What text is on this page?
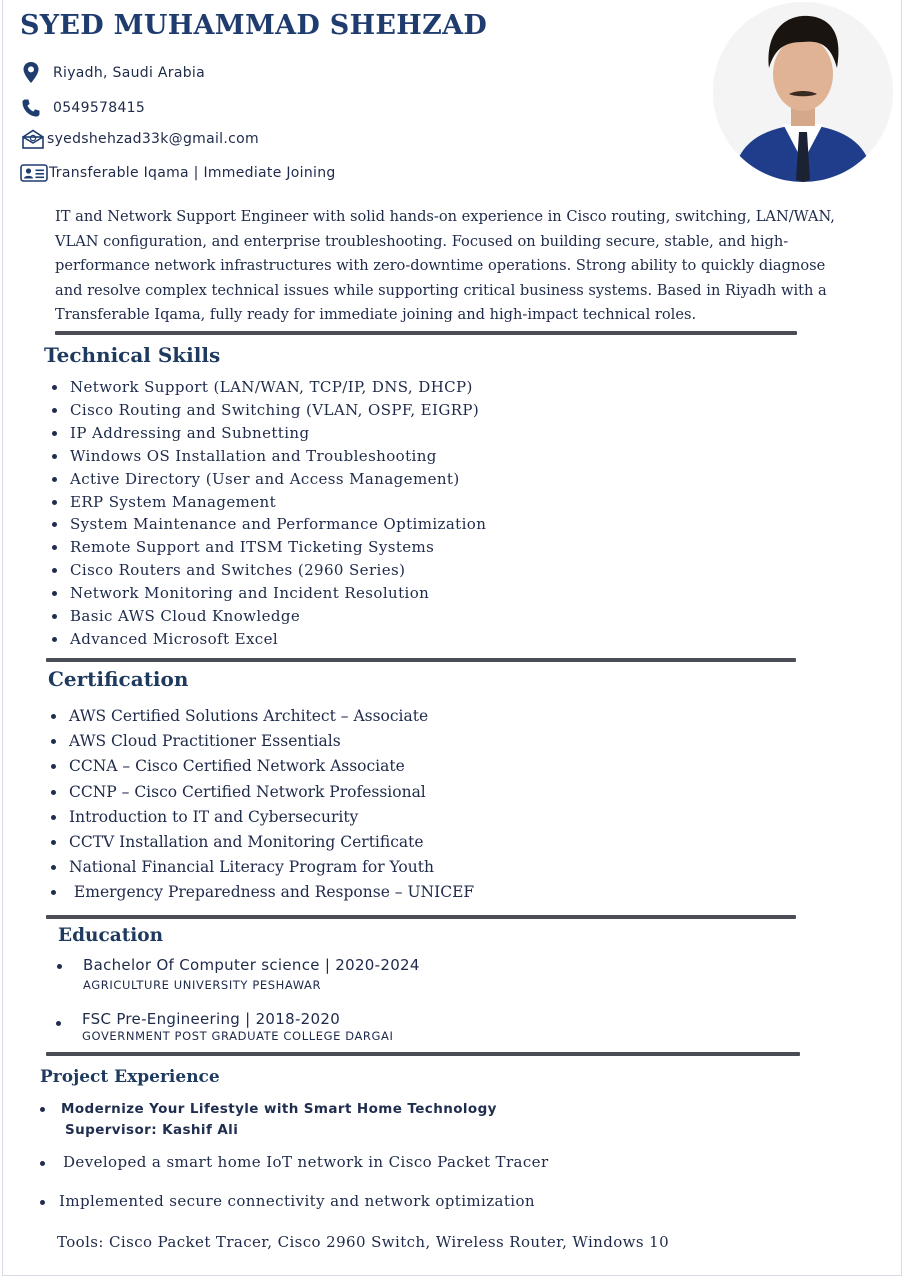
SYED MUHAMMAD SHEHZAD
Riyadh, Saudi Arabia
0549578415
syedshehzad33k@gmail.com
Transferable Iqama | Immediate Joining

IT and Network Support Engineer with solid hands-on experience in Cisco routing, switching, LAN/WAN, VLAN configuration, and enterprise troubleshooting. Focused on building secure, stable, and high-performance network infrastructures with zero-downtime operations. Strong ability to quickly diagnose and resolve complex technical issues while supporting critical business systems. Based in Riyadh with a Transferable Iqama, fully ready for immediate joining and high-impact technical roles.

Technical Skills
Network Support (LAN/WAN, TCP/IP, DNS, DHCP)
Cisco Routing and Switching (VLAN, OSPF, EIGRP)
IP Addressing and Subnetting
Windows OS Installation and Troubleshooting
Active Directory (User and Access Management)
ERP System Management
System Maintenance and Performance Optimization
Remote Support and ITSM Ticketing Systems
Cisco Routers and Switches (2960 Series)
Network Monitoring and Incident Resolution
Basic AWS Cloud Knowledge
Advanced Microsoft Excel
Certification
AWS Certified Solutions Architect – Associate
AWS Cloud Practitioner Essentials
CCNA – Cisco Certified Network Associate
CCNP – Cisco Certified Network Professional
Introduction to IT and Cybersecurity
CCTV Installation and Monitoring Certificate
National Financial Literacy Program for Youth
Emergency Preparedness and Response – UNICEF
Education
Bachelor Of Computer science | 2020-2024
AGRICULTURE UNIVERSITY PESHAWAR
FSC Pre-Engineering | 2018-2020
GOVERNMENT POST GRADUATE COLLEGE DARGAI
Project Experience
Modernize Your Lifestyle with Smart Home Technology
Supervisor: Kashif Ali
Developed a smart home IoT network in Cisco Packet Tracer
Implemented secure connectivity and network optimization
Tools: Cisco Packet Tracer, Cisco 2960 Switch, Wireless Router, Windows 10
